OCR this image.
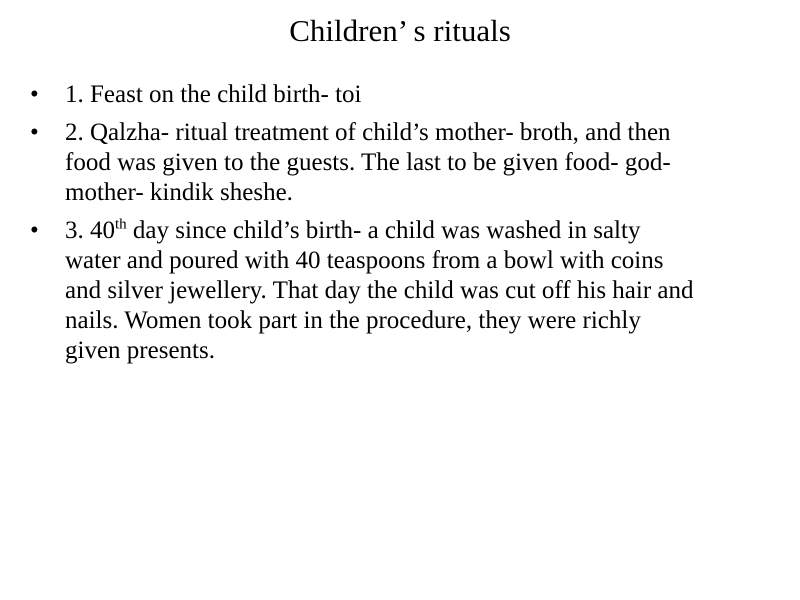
Children’ s rituals
•	1. Feast on the child birth- toi
•	2. Qalzha- ritual treatment of child’s mother- broth, and then food was given to the guests. The last to be given food- god-mother- kindik sheshe.
•	3. 40th day since child’s birth- a child was washed in salty water and poured with 40 teaspoons from a bowl with coins and silver jewellery. That day the child was cut off his hair and nails. Women took part in the procedure, they were richly given presents.
